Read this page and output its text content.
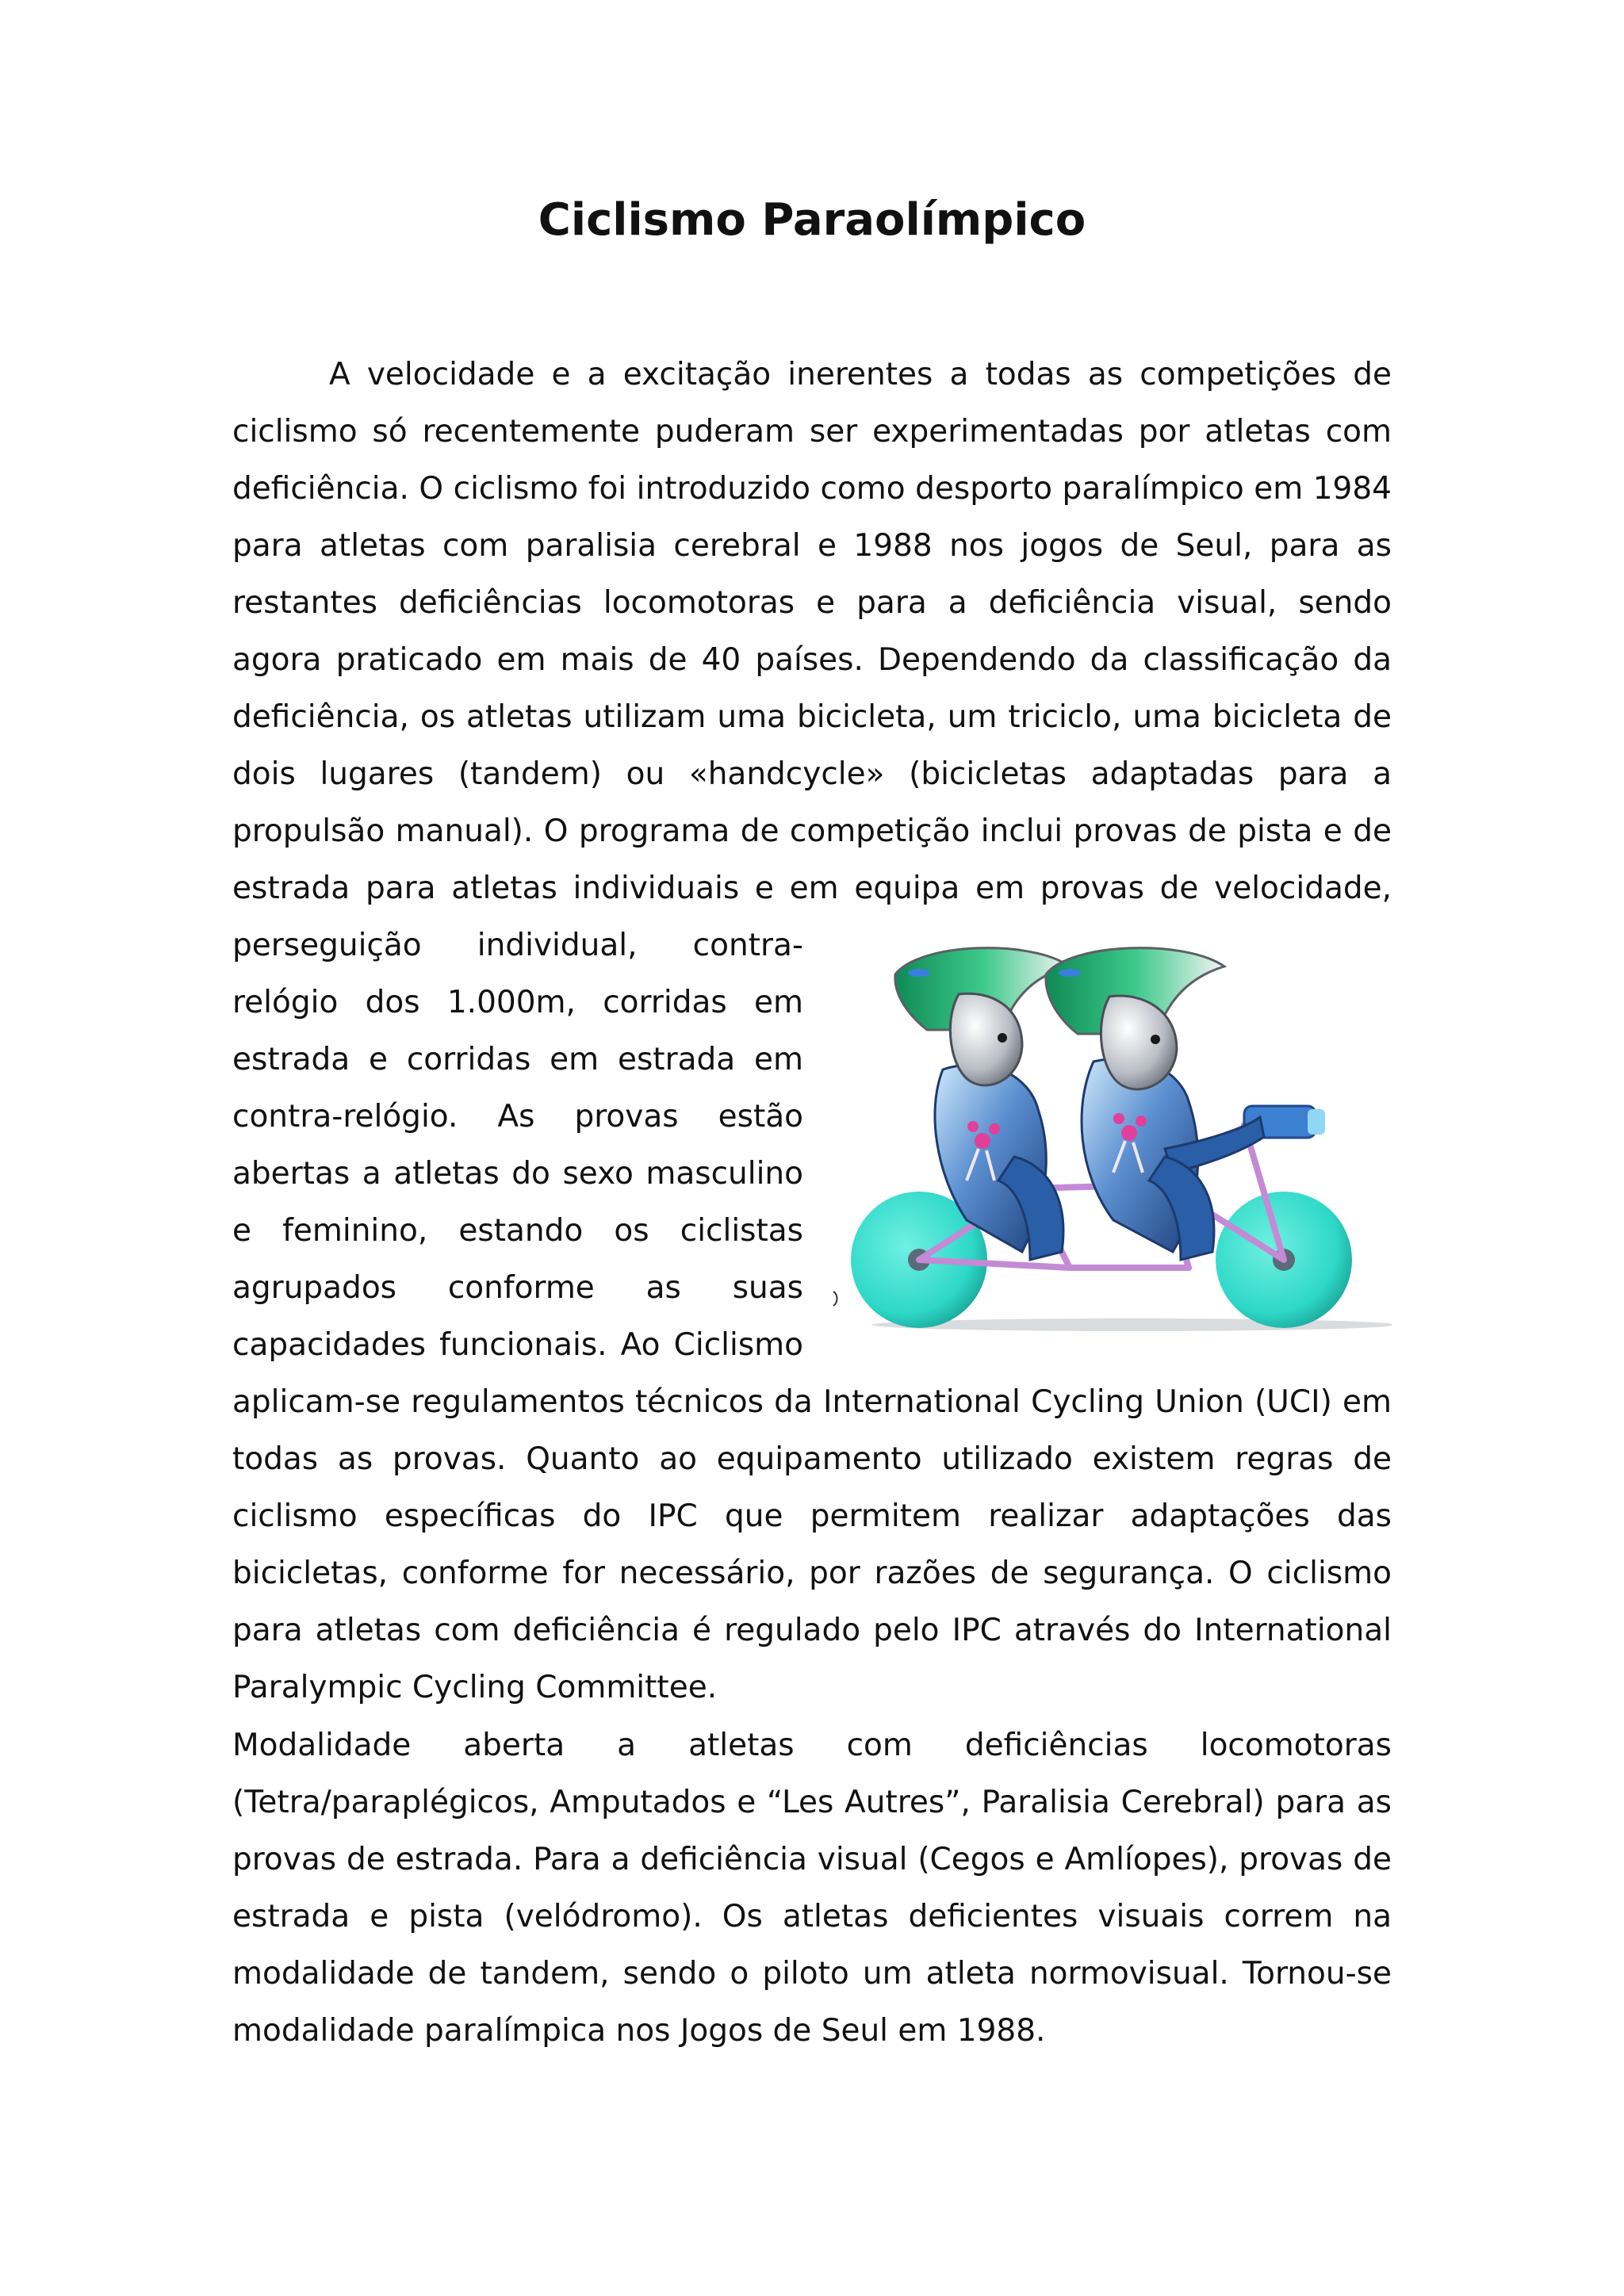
Ciclismo Paraolímpico
A velocidade e a excitação inerentes a todas as competições de ciclismo só recentemente puderam ser experimentadas por atletas com deficiência. O ciclismo foi introduzido como desporto paralímpico em 1984 para atletas com paralisia cerebral e 1988 nos jogos de Seul, para as restantes deficiências locomotoras e para a deficiência visual, sendo agora praticado em mais de 40 países. Dependendo da classificação da deficiência, os atletas utilizam uma bicicleta, um triciclo, uma bicicleta de dois lugares (tandem) ou «handcycle» (bicicletas adaptadas para a propulsão manual). O programa de competição inclui provas de pista e de estrada para atletas individuais e em equipa em provas de velocidade, perseguição individual, contra-relógio dos 1.000m, corridas em estrada e corridas em estrada em contra-relógio. As provas estão abertas a atletas do sexo masculino e feminino, estando os ciclistas agrupados conforme as suas capacidades funcionais. Ao Ciclismo aplicam-se regulamentos técnicos da International Cycling Union (UCI) em todas as provas. Quanto ao equipamento utilizado existem regras de ciclismo específicas do IPC que permitem realizar adaptações das bicicletas, conforme for necessário, por razões de segurança. O ciclismo para atletas com deficiência é regulado pelo IPC através do International Paralympic Cycling Committee.

Modalidade aberta a atletas com deficiências locomotoras (Tetra/paraplégicos, Amputados e “Les Autres”, Paralisia Cerebral) para as provas de estrada. Para a deficiência visual (Cegos e Amlíopes), provas de estrada e pista (velódromo). Os atletas deficientes visuais correm na modalidade de tandem, sendo o piloto um atleta normovisual. Tornou-se modalidade paralímpica nos Jogos de Seul em 1988.
